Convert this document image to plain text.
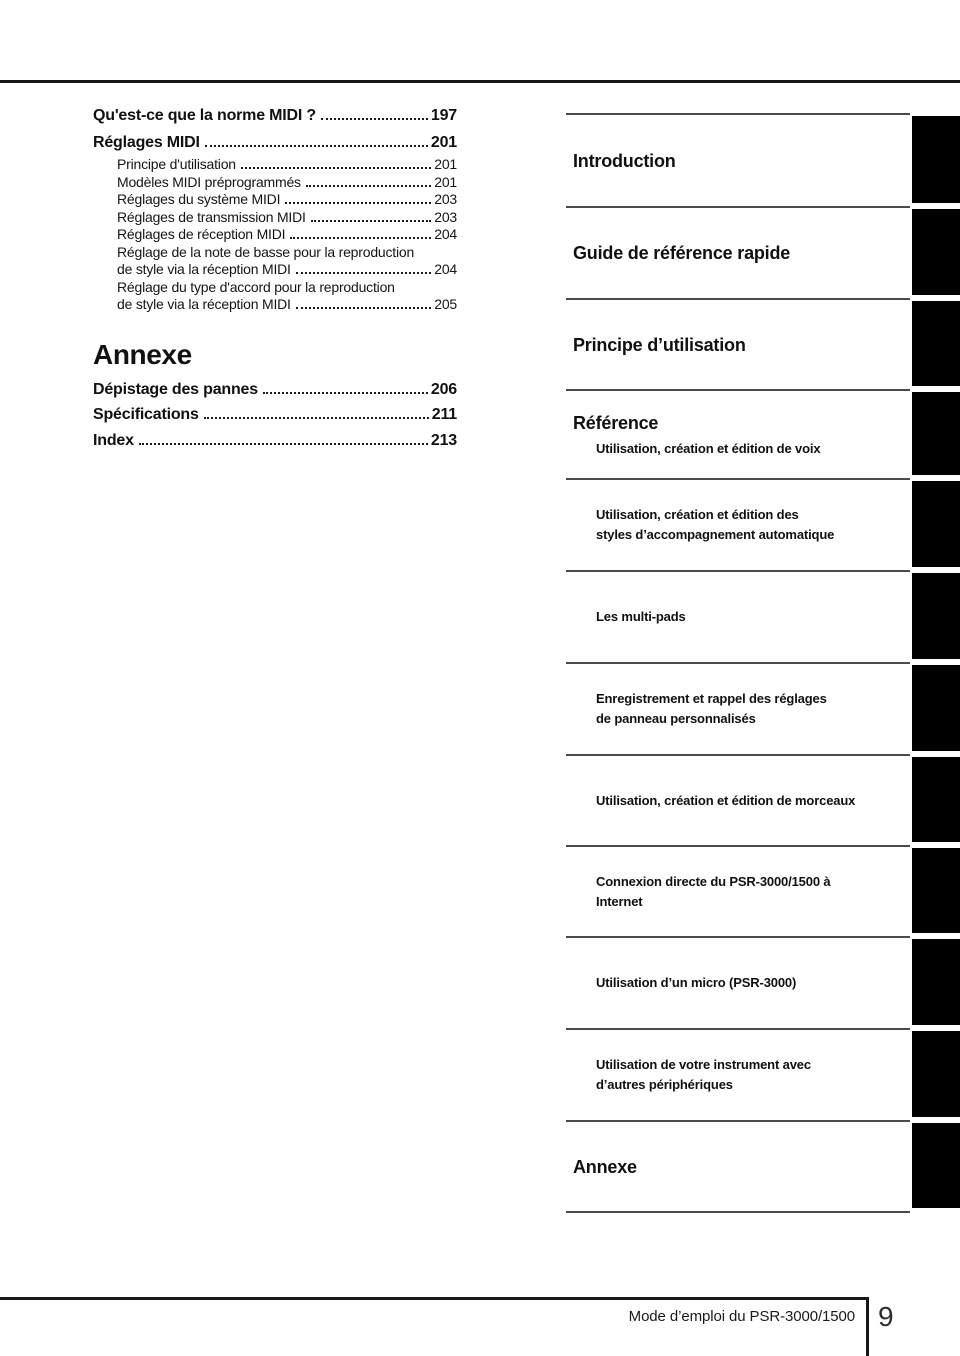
Qu'est-ce que la norme MIDI ?	197
Réglages MIDI	201
Principe d'utilisation	201
Modèles MIDI préprogrammés	201
Réglages du système MIDI	203
Réglages de transmission MIDI	203
Réglages de réception MIDI	204
Réglage de la note de basse pour la reproduction
de style via la réception MIDI	204
Réglage du type d'accord pour la reproduction
de style via la réception MIDI	205
Annexe
Dépistage des pannes	206
Spécifications	211
Index	213
Introduction
Guide de référence rapide
Principe d’utilisation
Référence
Utilisation, création et édition de voix
Utilisation, création et édition des
styles d’accompagnement automatique
Les multi-pads
Enregistrement et rappel des réglages
de panneau personnalisés
Utilisation, création et édition de morceaux
Connexion directe du PSR-3000/1500 à
Internet
Utilisation d’un micro (PSR-3000)
Utilisation de votre instrument avec
d’autres périphériques
Annexe
Mode d’emploi du PSR-3000/1500 9
